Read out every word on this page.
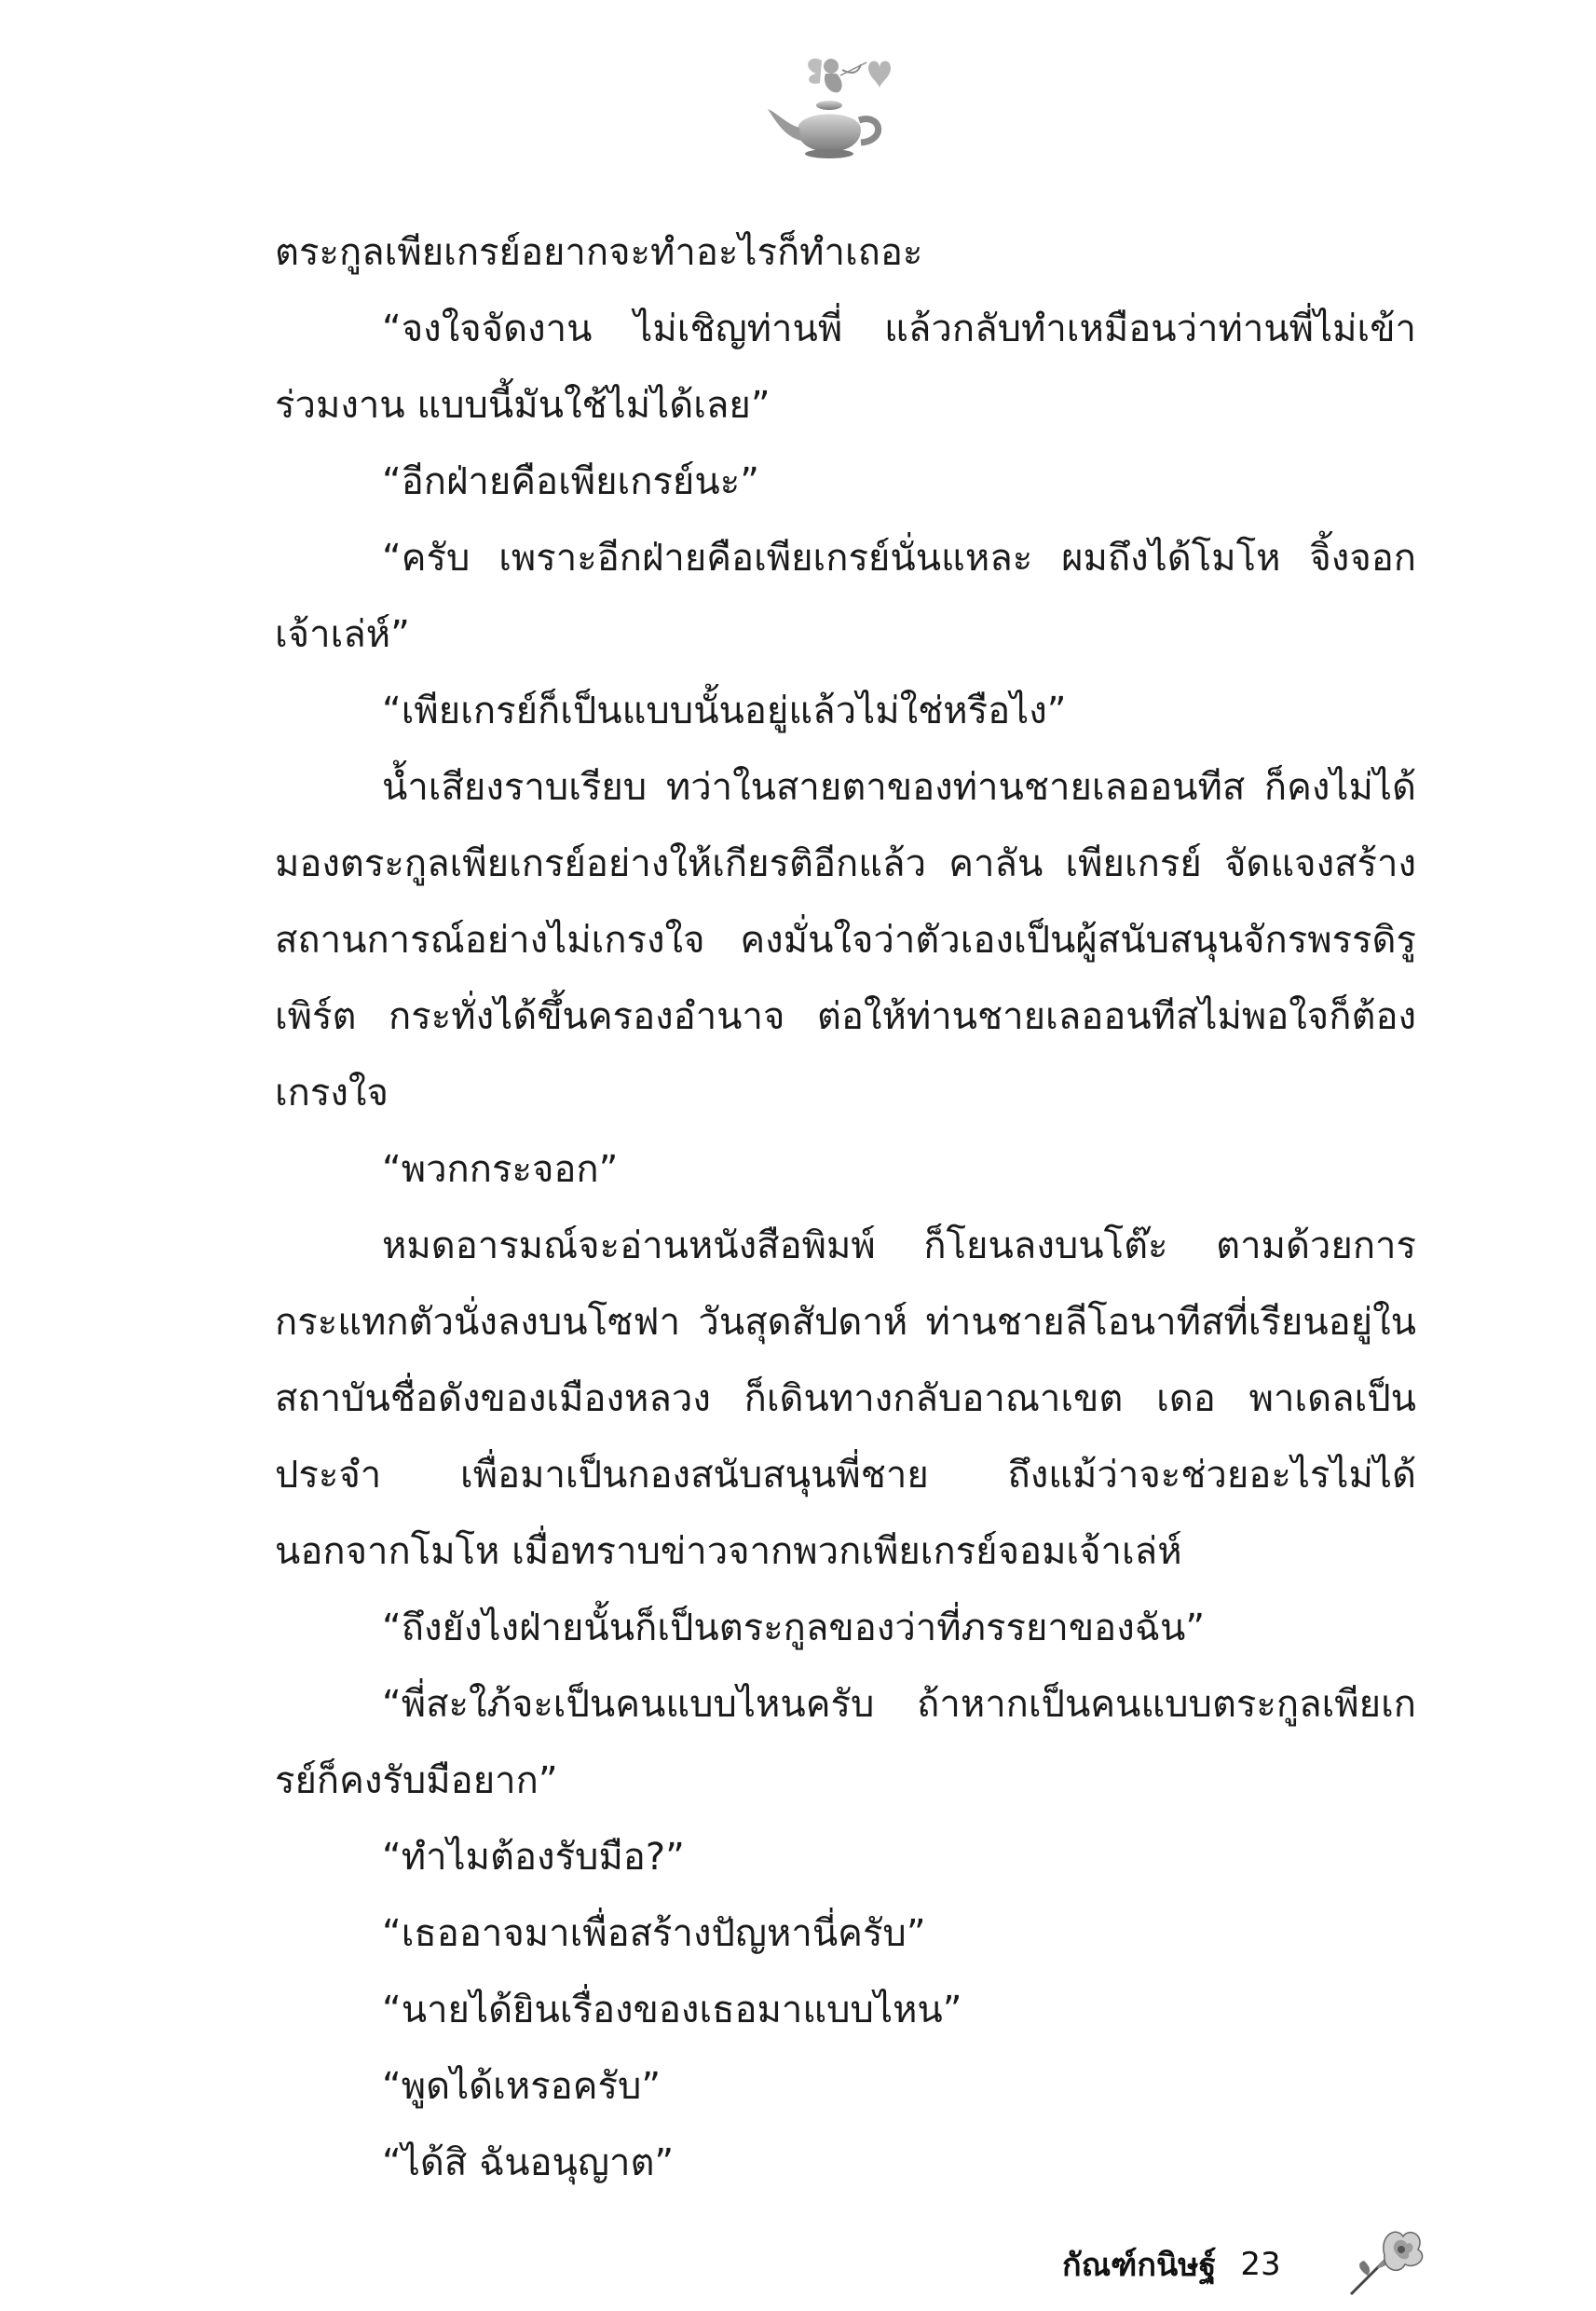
ตระกูลเพียเกรย์อยากจะทำอะไรก็ทำเถอะ

“จงใจจัดงาน ไม่เชิญท่านพี่ แล้วกลับทำเหมือนว่าท่านพี่ไม่เข้าร่วมงาน แบบนี้มันใช้ไม่ได้เลย”

“อีกฝ่ายคือเพียเกรย์นะ”

“ครับ เพราะอีกฝ่ายคือเพียเกรย์นั่นแหละ ผมถึงได้โมโห จิ้งจอกเจ้าเล่ห์”

“เพียเกรย์ก็เป็นแบบนั้นอยู่แล้วไม่ใช่หรือไง”

น้ำเสียงราบเรียบ ทว่าในสายตาของท่านชายเลออนทีส ก็คงไม่ได้มองตระกูลเพียเกรย์อย่างให้เกียรติอีกแล้ว คาลัน เพียเกรย์ จัดแจงสร้างสถานการณ์อย่างไม่เกรงใจ คงมั่นใจว่าตัวเองเป็นผู้สนับสนุนจักรพรรดิรูเพิร์ต กระทั่งได้ขึ้นครองอำนาจ ต่อให้ท่านชายเลออนทีสไม่พอใจก็ต้องเกรงใจ

“พวกกระจอก”

หมดอารมณ์จะอ่านหนังสือพิมพ์ ก็โยนลงบนโต๊ะ ตามด้วยการกระแทกตัวนั่งลงบนโซฟา วันสุดสัปดาห์ ท่านชายลีโอนาทีสที่เรียนอยู่ในสถาบันชื่อดังของเมืองหลวง ก็เดินทางกลับอาณาเขต เดอ พาเดลเป็นประจำ เพื่อมาเป็นกองสนับสนุนพี่ชาย ถึงแม้ว่าจะช่วยอะไรไม่ได้นอกจากโมโห เมื่อทราบข่าวจากพวกเพียเกรย์จอมเจ้าเล่ห์

“ถึงยังไงฝ่ายนั้นก็เป็นตระกูลของว่าที่ภรรยาของฉัน”

“พี่สะใภ้จะเป็นคนแบบไหนครับ ถ้าหากเป็นคนแบบตระกูลเพียเกรย์ก็คงรับมือยาก”

“ทำไมต้องรับมือ?”

“เธออาจมาเพื่อสร้างปัญหานี่ครับ”

“นายได้ยินเรื่องของเธอมาแบบไหน”

“พูดได้เหรอครับ”

“ได้สิ ฉันอนุญาต”

กัณฑ์กนิษฐ์ 23
